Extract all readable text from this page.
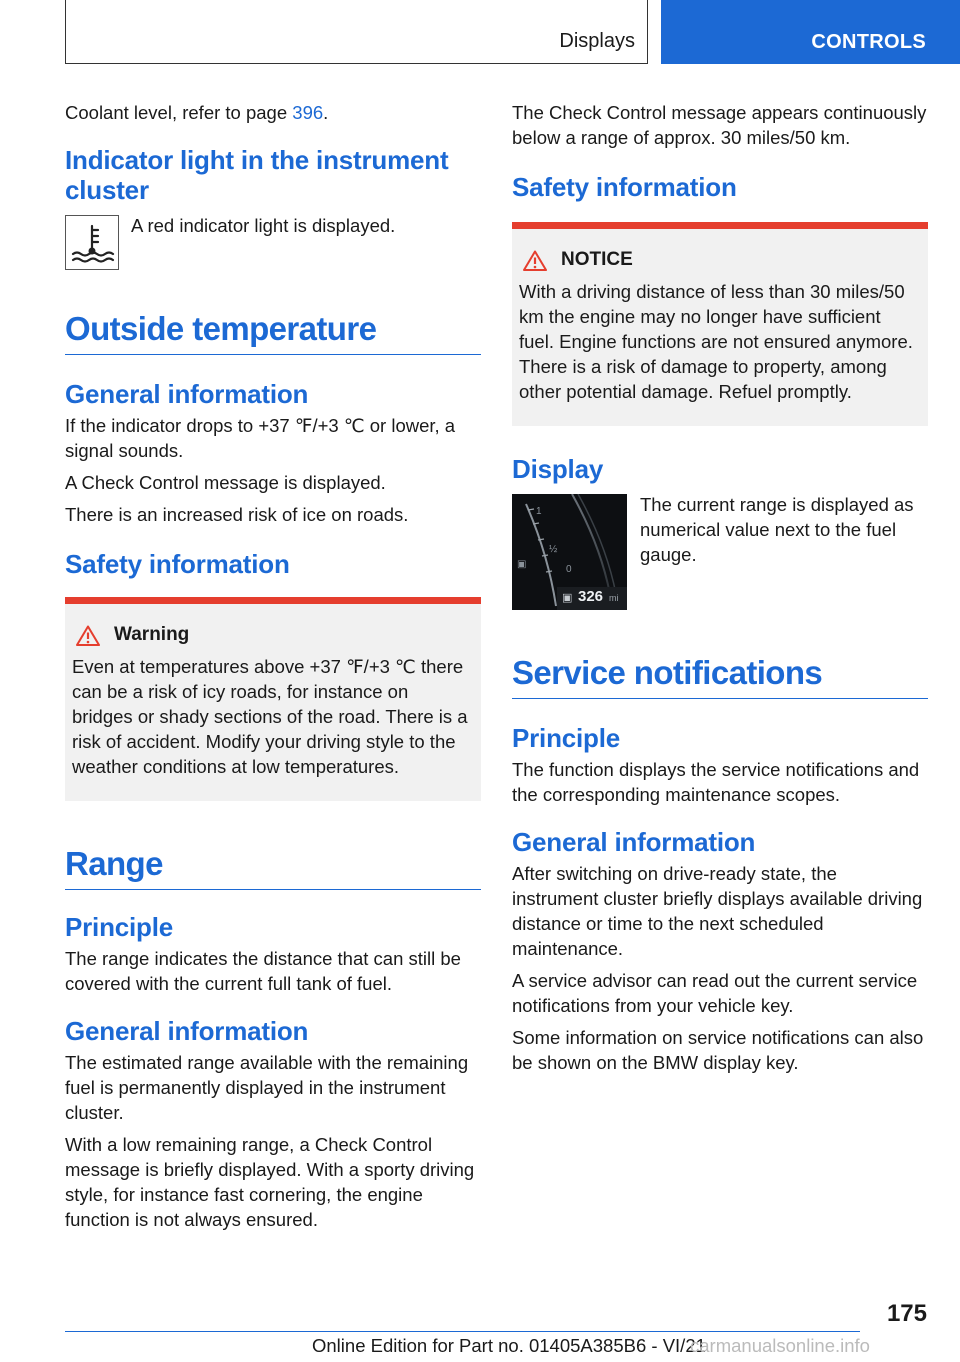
Displays	CONTROLS

Coolant level, refer to page 396.

Indicator light in the instrument cluster
A red indicator light is displayed.
Outside temperature
General information

If the indicator drops to +37 ℉/+3 ℃ or lower, a signal sounds.

A Check Control message is displayed.

There is an increased risk of ice on roads.

Safety information
Warning

Even at temperatures above +37 ℉/+3 ℃ there can be a risk of icy roads, for instance on bridges or shady sections of the road. There is a risk of accident. Modify your driving style to the weather conditions at low temperatures.

Range
Principle

The range indicates the distance that can still be covered with the current full tank of fuel.

General information

The estimated range available with the remaining fuel is permanently displayed in the instrument cluster.

With a low remaining range, a Check Control message is briefly displayed. With a sporty driving style, for instance fast cornering, the engine function is not always ensured.

The Check Control message appears continuously below a range of approx. 30 miles/50 km.

Safety information
NOTICE

With a driving distance of less than 30 miles/50 km the engine may no longer have sufficient fuel. Engine functions are not ensured anymore. There is a risk of damage to property, among other potential damage. Refuel promptly.

Display
1
½
0
▣
▣ 326 mi
The current range is displayed as numerical value next to the fuel gauge.
Service notifications
Principle

The function displays the service notifications and the corresponding maintenance scopes.

General information

After switching on drive-ready state, the instrument cluster briefly displays available driving distance or time to the next scheduled maintenance.

A service advisor can read out the current service notifications from your vehicle key.

Some information on service notifications can also be shown on the BMW display key.

175
Online Edition for Part no. 01405A385B6 - VI/21
carmanualsonline.info
